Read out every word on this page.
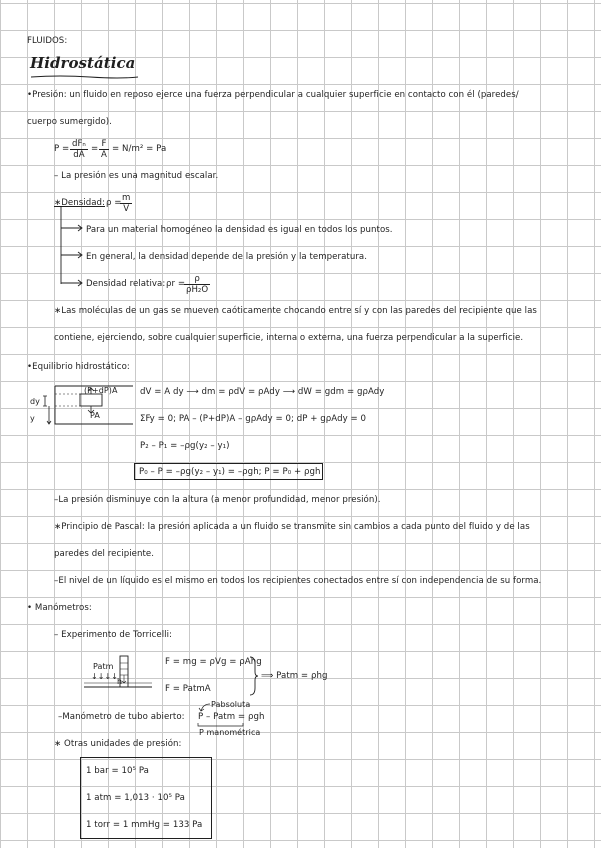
FLUIDOS:
Hidrostática
•Presión: un fluido en reposo ejerce una fuerza perpendicular a cualquier superficie en contacto con él (paredes/
cuerpo sumergido).
P = dFₙ
dA
= $\frac{F}{A} = N/m^2 = Pa$
– La presión es una magnitud escalar.
∗Densidad: ρ =
$\frac{m}{V}$
Para un material homogéneo la densidad es igual en todos los puntos.
En general, la densidad depende de la presión y la temperatura.
Densidad relativa: ρr =
$\frac{\rho}{\text{ρH₂O}}$
∗Las moléculas de un gas se mueven caóticamente chocando entre sí y con las paredes del recipiente que las
contiene, ejerciendo, sobre cualquier superficie, interna o externa, una fuerza perpendicular a la superficie.
•Equilibrio hidrostático:
(P+dP)A
PA
dy
y
dV = A dy ⟶ dm = ρdV = ρAdy ⟶ dW = gdm = gρAdy
ΣFy = 0; PA – (P+dP)A – gρAdy = 0; dP + gρAdy = 0
P₂ – P₁ = –ρg(y₂ – y₁)
P₀ – P = –ρg(y₂ – y₁) = –ρgh; P = P₀ + ρgh
–La presión disminuye con la altura (a menor profundidad, menor presión).
∗Principio de Pascal: la presión aplicada a un fluido se transmite sin cambios a cada punto del fluido y de las
paredes del recipiente.
–El nivel de un líquido es el mismo en todos los recipientes conectados entre sí con independencia de su forma.
• Manómetros:
– Experimento de Torricelli:
Patm
↓↓↓↓
h
F = mg = ρVg = ρAhg
F = PatmA
⟹ Patm = ρhg
Pabsoluta
–Manómetro de tubo abierto: P – Patm = ρgh
P manométrica
∗ Otras unidades de presión:
1 bar = 10⁵ Pa
1 atm = 1,013 · 10⁵ Pa
1 torr = 1 mmHg = 133 Pa
